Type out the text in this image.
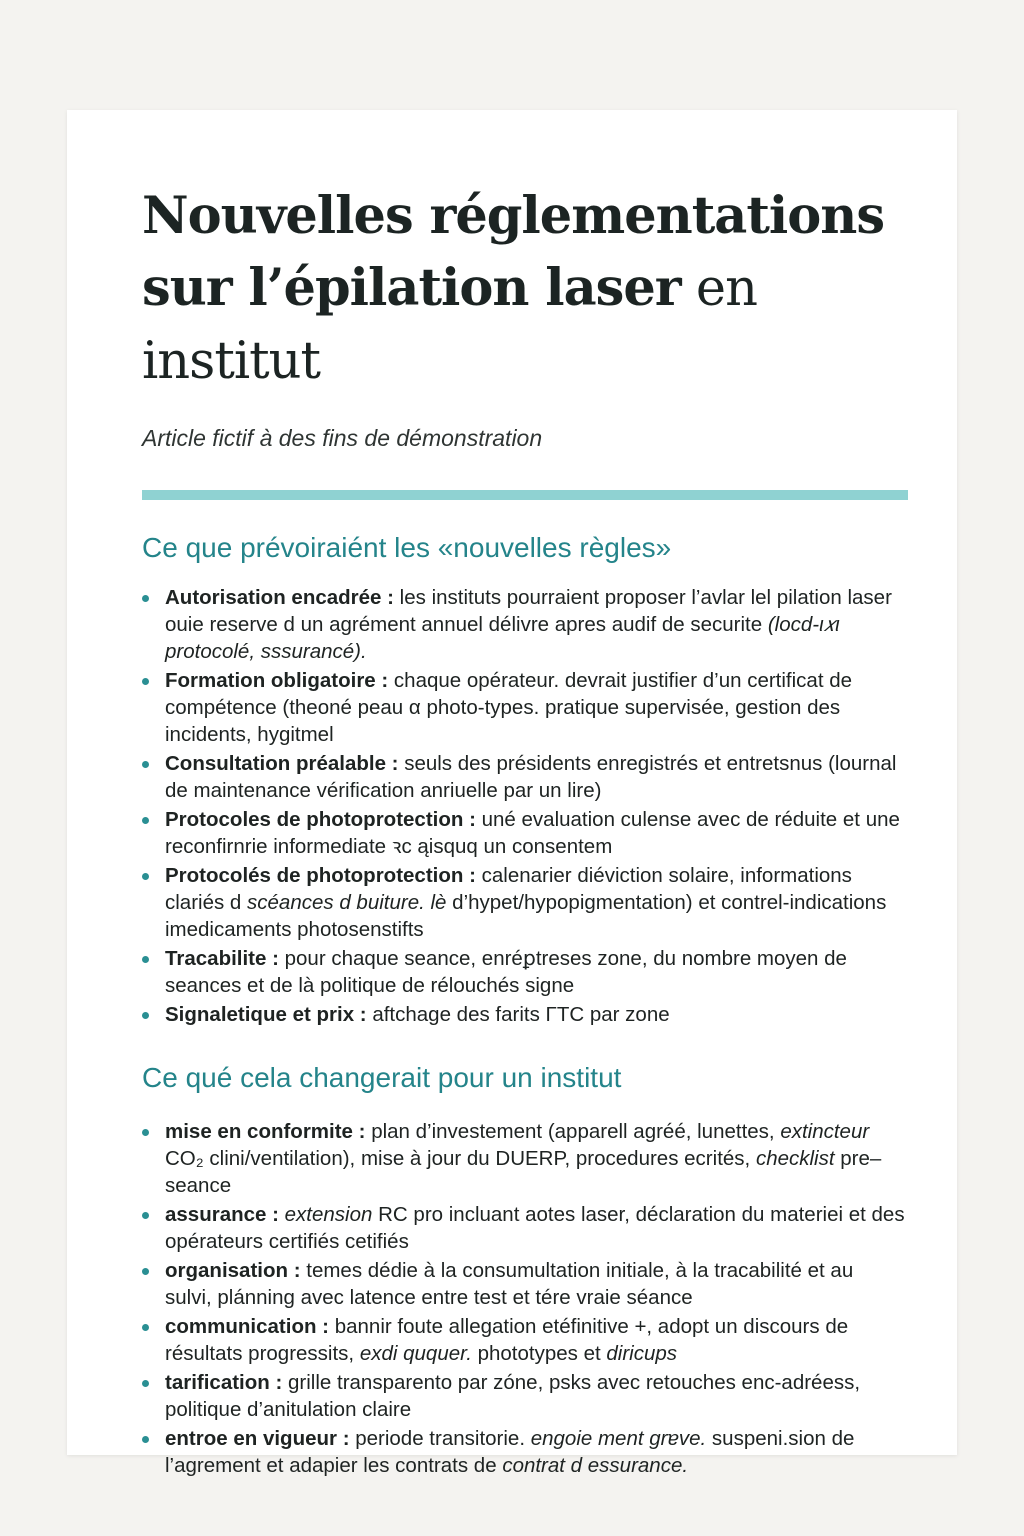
Nouvelles réglementations
sur l’épilation laser en institut

Article fictif à des fins de démonstration

Ce que prévoiraiént les «nouvelles règles»
Autorisation encadrée : les instituts pourraient proposer l’avlar lel pilation laser ouie reserve d un agrément annuel délivre apres audif de securite (locd-ι𝑥ι protocolé, sssurancé).
Formation obligatoire : chaque opérateur. devrait justifier d’un certificat de compétence (theoné peau α photo-types. pratique supervisée, gestion des incidents, hygitmel
Consultation préalable : seuls des présidents enregistrés et entretsnus (lournal de maintenance vérification anriuelle par un lire)
Protocoles de photoprotection : uné evaluation culense avec de réduite et une reconfirnrie informediate ꝛc ąisquq un consentem
Protocolés de photoprotection : calenarier diéviction solaire, informations clariés d scéances d buiture. lè d’hypet/hypopigmentation) et contrel-indications imedicaments photosenstifts
Tracabilite : pour chaque seance, enréꝑtreses zone, du nombre moyen de seances et de là politique de rélouchés signe
Signaletique et prix : aftchage des farits ΓTC par zone
Ce qué cela changerait pour un institut
mise en conformite : plan d’investement (apparell agréé, lunettes, extincteur CO₂ clini/ventilation), mise à jour du DUERP, procedures ecrités, checklist pre–seance
assurance : extension RC pro incluant aotes laser, déclaration du materiei et des opérateurs certifiés cetifiés
organisation : temes dédie à la consumultation initiale, à la tracabilité et au sulvi, plánning avec latence entre test et tére vraie séance
communication : bannir foute allegation etéfinitive +, adopt un discours de résultats progressits, exdi ququer. phototypes et diricups
tarification : grille transparento par zóne, psks avec retouches enc-adréess, politique d’anitulation claire
entroe en vigueur : periode transitorie. engoie ment grɐve. suspeni.sion de l’agrement et adapier les contrats de contrat d essurance.
